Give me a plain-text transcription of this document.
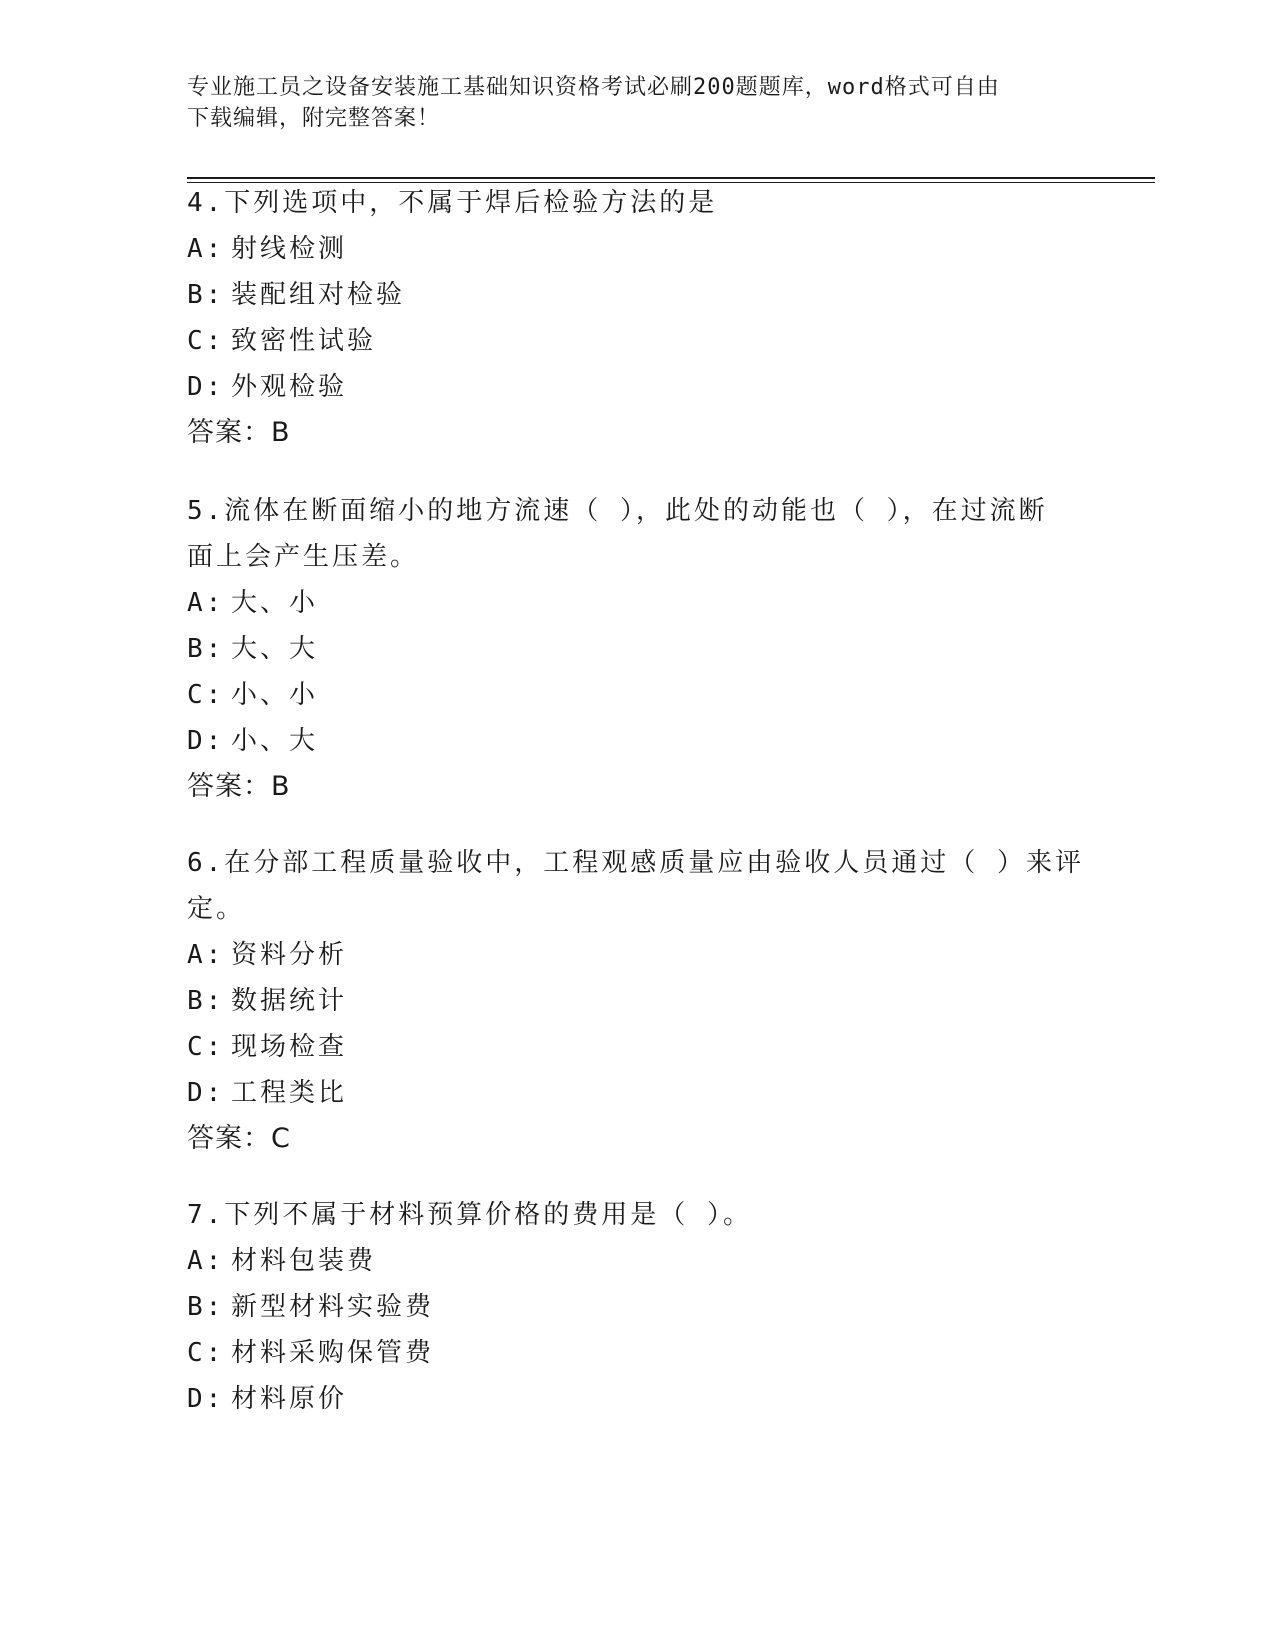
专业施工员之设备安装施工基础知识资格考试必刷200题题库，word格式可自由
下载编辑，附完整答案！
4.下列选项中，不属于焊后检验方法的是
A: 射线检测
B: 装配组对检验
C: 致密性试验
D: 外观检验
答案：B
5.流体在断面缩小的地方流速（ ），此处的动能也（ ），在过流断
面上会产生压差。
A: 大、小
B: 大、大
C: 小、小
D: 小、大
答案：B
6.在分部工程质量验收中，工程观感质量应由验收人员通过（ ）来评
定。
A: 资料分析
B: 数据统计
C: 现场检查
D: 工程类比
答案：C
7.下列不属于材料预算价格的费用是（ ）。
A: 材料包装费
B: 新型材料实验费
C: 材料采购保管费
D: 材料原价
